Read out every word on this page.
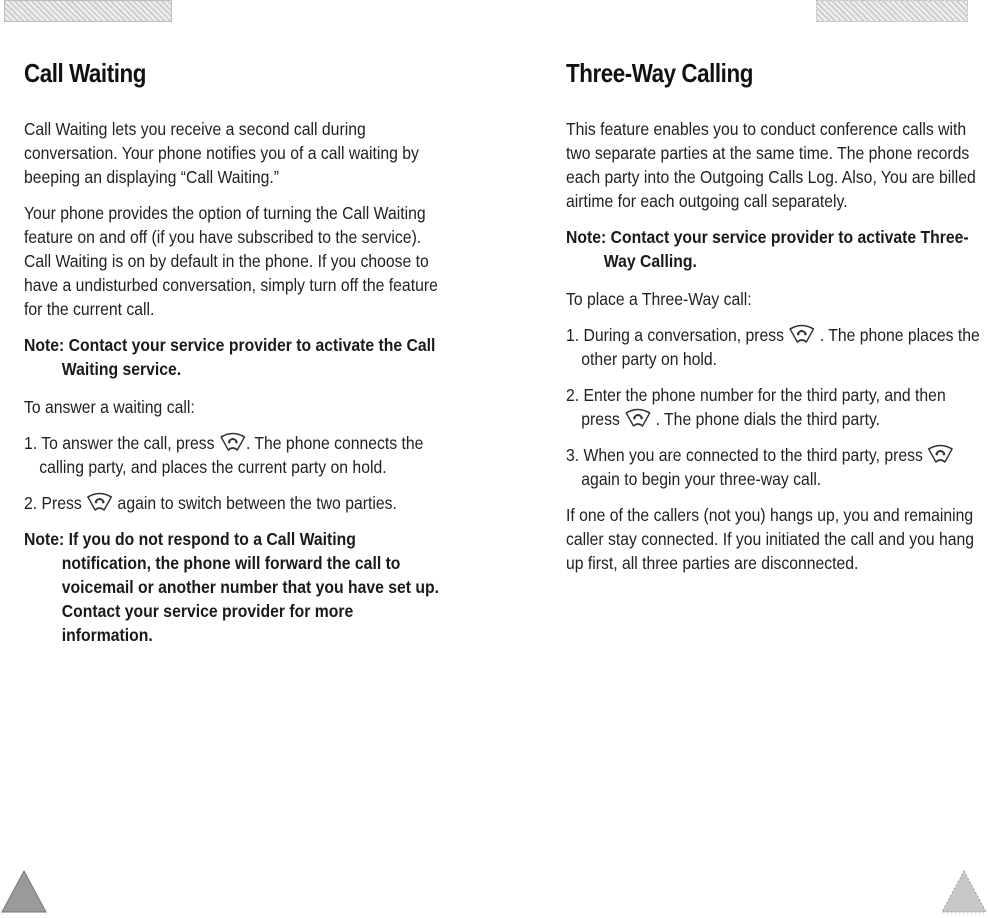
Call Waiting

Call Waiting lets you receive a second call during conversation. Your phone notifies you of a call waiting by beeping an displaying “Call Waiting.”

Your phone provides the option of turning the Call Waiting feature on and off (if you have subscribed to the service). Call Waiting is on by default in the phone. If you choose to have a undisturbed conversation, simply turn off the feature for the current call.

Note: Contact your service provider to activate the Call Waiting service.

To answer a waiting call:

1. To answer the call, press . The phone connects the calling party, and places the current party on hold.
2. Press again to switch between the two parties.

Note: If you do not respond to a Call Waiting notification, the phone will forward the call to voicemail or another number that you have set up. Contact your service provider for more information.

Three-Way Calling

This feature enables you to conduct conference calls with two separate parties at the same time. The phone records each party into the Outgoing Calls Log. Also, You are billed airtime for each outgoing call separately.

Note: Contact your service provider to activate Three-Way Calling.

To place a Three-Way call:

1. During a conversation, press . The phone places the other party on hold.
2. Enter the phone number for the third party, and then press . The phone dials the third party.
3. When you are connected to the third party, press  again to begin your three-way call.

If one of the callers (not you) hangs up, you and remaining caller stay connected. If you initiated the call and you hang up first, all three parties are disconnected.

38
